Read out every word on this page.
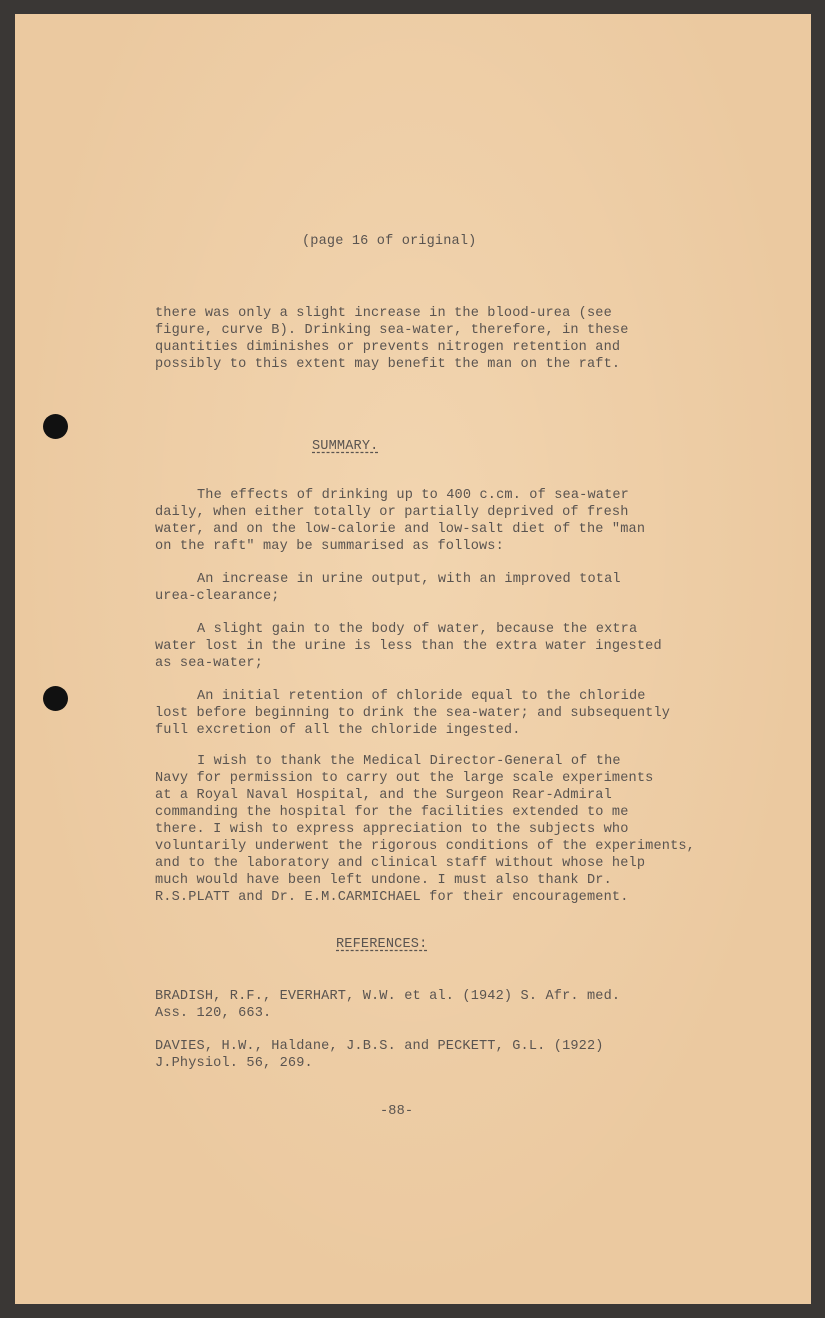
(page 16 of original)

there was only a slight increase in the blood-urea (see

figure, curve B). Drinking sea-water, therefore, in these

quantities diminishes or prevents nitrogen retention and

possibly to this extent may benefit the man on the raft.

SUMMARY.

The effects of drinking up to 400 c.cm. of sea-water

daily, when either totally or partially deprived of fresh

water, and on the low-calorie and low-salt diet of the "man

on the raft" may be summarised as follows:

An increase in urine output, with an improved total

urea-clearance;

A slight gain to the body of water, because the extra

water lost in the urine is less than the extra water ingested

as sea-water;

An initial retention of chloride equal to the chloride

lost before beginning to drink the sea-water; and subsequently

full excretion of all the chloride ingested.

I wish to thank the Medical Director-General of the

Navy for permission to carry out the large scale experiments

at a Royal Naval Hospital, and the Surgeon Rear-Admiral

commanding the hospital for the facilities extended to me

there. I wish to express appreciation to the subjects who

voluntarily underwent the rigorous conditions of the experiments,

and to the laboratory and clinical staff without whose help

much would have been left undone. I must also thank Dr.

R.S.PLATT and Dr. E.M.CARMICHAEL for their encouragement.

REFERENCES:

BRADISH, R.F., EVERHART, W.W. et al. (1942) S. Afr. med.

Ass. 120, 663.

DAVIES, H.W., Haldane, J.B.S. and PECKETT, G.L. (1922)

J.Physiol. 56, 269.

-88-
